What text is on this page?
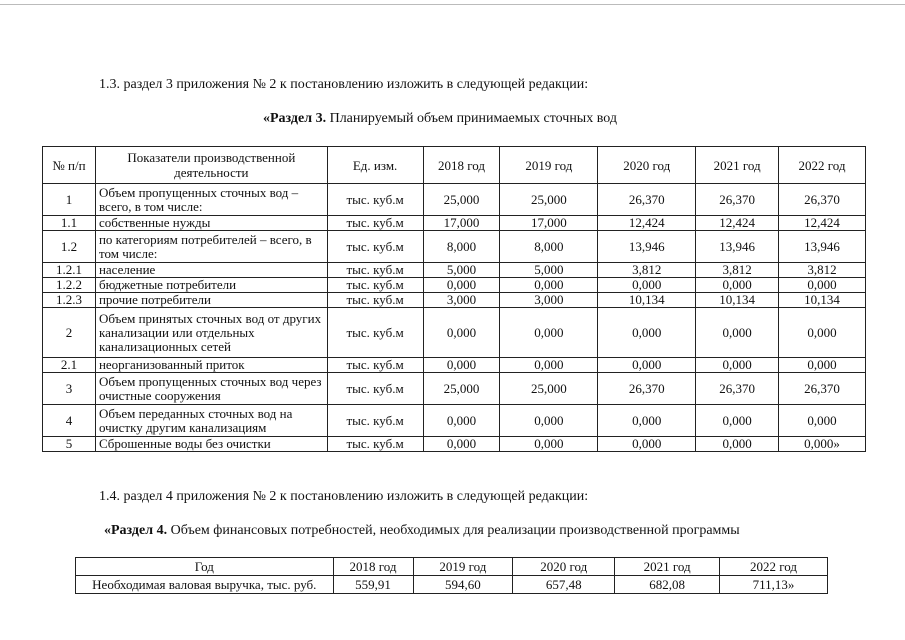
1.3. раздел 3 приложения № 2 к постановлению изложить в следующей редакции:
«Раздел 3. Планируемый объем принимаемых сточных вод
№ п/п	Показатели производственной деятельности	Ед. изм.	2018 год	2019 год	2020 год	2021 год	2022 год
1	Объем пропущенных сточных вод – всего, в том числе:	тыс. куб.м	25,000	25,000	26,370	26,370	26,370
1.1	собственные нужды	тыс. куб.м	17,000	17,000	12,424	12,424	12,424
1.2	по категориям потребителей – всего, в том числе:	тыс. куб.м	8,000	8,000	13,946	13,946	13,946
1.2.1	население	тыс. куб.м	5,000	5,000	3,812	3,812	3,812
1.2.2	бюджетные потребители	тыс. куб.м	0,000	0,000	0,000	0,000	0,000
1.2.3	прочие потребители	тыс. куб.м	3,000	3,000	10,134	10,134	10,134
2	Объем принятых сточных вод от других канализации или отдельных канализационных сетей	тыс. куб.м	0,000	0,000	0,000	0,000	0,000
2.1	неорганизованный приток	тыс. куб.м	0,000	0,000	0,000	0,000	0,000
3	Объем пропущенных сточных вод через очистные сооружения	тыс. куб.м	25,000	25,000	26,370	26,370	26,370
4	Объем переданных сточных вод на очистку другим канализациям	тыс. куб.м	0,000	0,000	0,000	0,000	0,000
5	Сброшенные воды без очистки	тыс. куб.м	0,000	0,000	0,000	0,000	0,000»
1.4. раздел 4 приложения № 2 к постановлению изложить в следующей редакции:
«Раздел 4. Объем финансовых потребностей, необходимых для реализации производственной программы
Год	2018 год	2019 год	2020 год	2021 год	2022 год
Необходимая валовая выручка, тыс. руб.	559,91	594,60	657,48	682,08	711,13»
